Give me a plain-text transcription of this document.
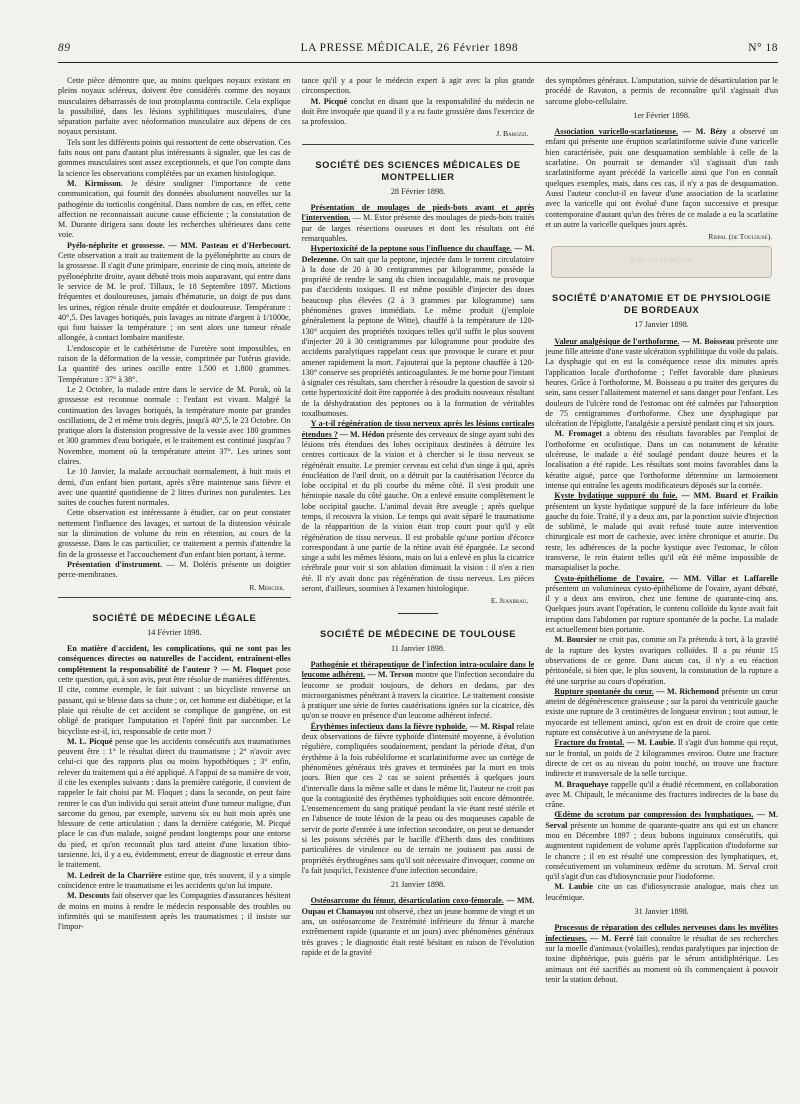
89	LA PRESSE MÉDICALE, 26 Février 1898	N° 18

Cette pièce démontre que, au moins quelques noyaux existant en pleins noyaux scléreux, doivent être considérés comme des noyaux musculaires débarrassés de tout protoplasma contractile. Cela explique la possibilité, dans les lésions syphilitiques musculaires, d'une séparation parfaite avec néoformation musculaire aux dépens de ces noyaux persistant.

Tels sont les différents points qui ressortent de cette observation. Ces faits nous ont paru d'autant plus intéressants à signaler, que les cas de gommes musculaires sont assez exceptionnels, et que l'on compte dans la science les observations complétées par un examen histologique.

M. Kirmisson. Je désire souligner l'importance de cette communication, qui fournit des données absolument nouvelles sur la pathogénie du torticolis congénital. Dans nombre de cas, en effet, cette affection ne reconnaissait aucune cause efficiente ; la constatation de M. Durante dirigera sans doute les recherches ultérieures dans cette voie.

Pyélo-néphrite et grossesse. — MM. Pasteau et d'Herbecourt. Cette observation a trait au traitement de la pyélonéphrite au cours de la grossesse. Il s'agit d'une primipare, enceinte de cinq mois, atteinte de pyélonéphrite droite, ayant débuté trois mois auparavant, qui entre dans le service de M. le prof. Tillaux, le 18 Septembre 1897. Mictions fréquentes et douloureuses, jamais d'hématurie, un doigt de pus dans les urines, région rénale droite empâtée et douloureuse. Température : 40°,5. Des lavages boriqués, puis lavages au nitrate d'argent à 1/1000e, qui font baisser la température ; on sent alors une tumeur rénale allongée, à contact lombaire manifeste.

L'endoscopie et le cathétérisme de l'uretère sont impossibles, en raison de la déformation de la vessie, comprimée par l'utérus gravide. La quantité des urines oscille entre 1.500 et 1.800 grammes. Température : 37° à 38°.

Le 2 Octobre, la malade entre dans le service de M. Porak, où la grossesse est reconnue normale : l'enfant est vivant. Malgré la continuation des lavages boriqués, la température monte par grandes oscillations, de 2 et même trois degrés, jusqu'à 40°,5, le 23 Octobre. On pratique alors la distension progressive de la vessie avec 180 grammes et 300 grammes d'eau boriquée, et le traitement est continué jusqu'au 7 Novembre, moment où la température atteint 37°. Les urines sont claires.

Le 10 Janvier, la malade accouchait normalement, à huit mois et demi, d'un enfant bien portant, après s'être maintenue sans fièvre et avec une quantité quotidienne de 2 litres d'urines non purulentes. Les suites de couches furent normales.

Cette observation est intéressante à étudier, car on peut constater nettement l'influence des lavages, et surtout de la distension vésicale sur la diminution de volume du rein en rétention, au cours de la grossesse. Dans le cas particulier, ce traitement a permis d'attendre la fin de la grossesse et l'accouchement d'un enfant bien portant, à terme.

Présentation d'instrument. — M. Doléris présente un doigtier perce-membranes.

R. Mercier.
SOCIÉTÉ DE MÉDECINE LÉGALE
14 Février 1898.

En matière d'accident, les complications, qui ne sont pas les conséquences directes ou naturelles de l'accident, entraînent-elles complètement la responsabilité de l'auteur ? — M. Floquet pose cette question, qui, à son avis, peut être résolue de manières différentes. Il cite, comme exemple, le fait suivant : un bicycliste renverse un passant, qui se blesse dans sa chute ; or, cet homme est diabétique, et la plaie qui résulte de cet accident se complique de gangrène, on est obligé de pratiquer l'amputation et l'opéré finit par succomber. Le bicycliste est-il, ici, responsable de cette mort ?

M. L. Picqué pense que les accidents consécutifs aux traumatismes peuvent être : 1° le résultat direct du traumatisme ; 2° n'avoir avec celui-ci que des rapports plus ou moins hypothétiques ; 3° enfin, relever du traitement qui a été appliqué. A l'appui de sa manière de voir, il cite les exemples suivants : dans la première catégorie, il convient de rappeler le fait choisi par M. Floquet ; dans la seconde, on peut faire rentrer le cas d'un individu qui serait atteint d'une tumeur maligne, d'un sarcome du genou, par exemple, survenu six ou huit mois après une blessure de cette articulation ; dans la dernière catégorie, M. Picqué place le cas d'un malade, soigné pendant longtemps pour une entorse du pied, et qu'on reconnaît plus tard atteint d'une luxation tibio-tarsienne. Ici, il y a eu, évidemment, erreur de diagnostic et erreur dans le traitement.

M. Ledreit de la Charrière estime que, très souvent, il y a simple coïncidence entre le traumatisme et les accidents qu'on lui impute.

M. Descouts fait observer que les Compagnies d'assurances hésitent de moins en moins à rendre le médecin responsable des troubles ou infirmités qui se manifestent après les traumatismes ; il insiste sur l'impor-

tance qu'il y a pour le médecin expert à agir avec la plus grande circonspection.

M. Picqué conclut en disant que la responsabilité du médecin ne doit être invoquée que quand il y a eu faute grossière dans l'exercice de sa profession.

J. Barozzi.
SOCIÉTÉ DES SCIENCES MÉDICALES DE MONTPELLIER
28 Février 1898.

Présentation de moulages de pieds-bots avant et après l'intervention. — M. Estor présente des moulages de pieds-bots traités par de larges résections osseuses et dont les résultats ont été remarquables.

Hypertoxicité de la peptone sous l'influence du chauffage. — M. Delezenne. On sait que la peptone, injectée dans le torrent circulatoire à la dose de 20 à 30 centigrammes par kilogramme, possède la propriété de rendre le sang du chien incoagulable, mais ne provoque pas d'accidents toxiques. Il est même possible d'injecter des doses beaucoup plus élevées (2 à 3 grammes par kilogramme) sans phénomènes graves immédiats. Le même produit (j'emploie généralement la peptone de Witte), chauffé à la température de 120-130° acquiert des propriétés toxiques telles qu'il suffit le plus souvent d'injecter 20 à 30 centigrammes par kilogramme pour produire des accidents paralytiques rappelant ceux que provoque le curare et pour amener rapidement la mort. J'ajouterai que la peptone chauffée à 120-130° conserve ses propriétés anticoagulantes. Je me borne pour l'instant à signaler ces résultats, sans chercher à résoudre la question de savoir si cette hypertoxicité doit être rapportée à des produits nouveaux résultant de la déshydratation des peptones ou à la formation de véritables toxalbumoses.

Y a-t-il régénération de tissu nerveux après les lésions corticales étendues ? — M. Hédon présente des cerveaux de singe ayant subi des lésions très étendues des lobes occipitaux destinées à détruire les centres corticaux de la vision et à chercher si le tissu nerveux se régénérait ensuite. Le premier cerveau est celui d'un singe à qui, après énucléation de l'œil droit, on a détruit par la cautérisation l'écorce du lobe occipital et du pli courbe du même côté. Il s'est produit une hémiopie nasale du côté gauche. On a enlevé ensuite complètement le lobe occipital gauche. L'animal devait être aveugle ; après quelque temps, il recouvra la vision. Le temps qui avait séparé le traumatisme de la réapparition de la vision était trop court pour qu'il y eût régénération de tissu nerveux. Il est probable qu'une portion d'écorce correspondant à une partie de la rétine avait été épargnée. Le second singe a subi les mêmes lésions, mais on lui a enlevé en plus la cicatrice cérébrale pour voir si son ablation diminuait la vision : il n'en a rien été. Il n'y avait donc pas régénération de tissu nerveux. Les pièces seront, d'ailleurs, soumises à l'examen histologique.

E. Jeanbrau.
SOCIÉTÉ DE MÉDECINE DE TOULOUSE
11 Janvier 1898.

Pathogénie et thérapeutique de l'infection intra-oculaire dans le leucome adhérent. — M. Terson montre que l'infection secondaire du leucome se produit toujours, de dehors en dedans, par des microorganismes pénétrant à travers la cicatrice. Le traitement consiste à pratiquer une série de fortes cautérisations ignées sur la cicatrice, dès qu'on se trouve en présence d'un leucome adhérent infecté.

Érythèmes infectieux dans la fièvre typhoïde. — M. Rispal relate deux observations de fièvre typhoïde d'intensité moyenne, à évolution régulière, compliquées soudainement, pendant la période d'état, d'un érythème à la fois rubéoliforme et scarlatiniforme avec un cortège de phénomènes généraux très graves et terminées par la mort en trois jours. Bien que ces 2 cas se soient présentés à quelques jours d'intervalle dans la même salle et dans le même lit, l'auteur ne croit pas que la contagiosité des érythèmes typhoïdiques soit encore démontrée. L'ensemencement du sang pratiqué pendant la vie étant resté stérile et en l'absence de toute lésion de la peau ou des muqueuses capable de servir de porte d'entrée à une infection secondaire, on peut se demander si les poisons sécrétés par le bacille d'Eberth dans des conditions particulières de virulence ou de terrain ne jouissent pas aussi de propriétés érythrogènes sans qu'il soit nécessaire d'invoquer, comme on l'a fait jusqu'ici, l'existence d'une infection secondaire.

21 Janvier 1898.

Ostéosarcome du fémur, désarticulation coxo-fémorale. — MM. Oupau et Chamayou ont observé, chez un jeune homme de vingt et un ans, un ostéosarcome de l'extrémité inférieure du fémur à marche extrêmement rapide (quarante et un jours) avec phénomènes généraux très graves ; le diagnostic était resté hésitant en raison de l'évolution rapide et de la gravité

des symptômes généraux. L'amputation, suivie de désarticulation par le procédé de Ravaton, a permis de reconnaître qu'il s'agissait d'un sarcome globo-cellulaire.

1er Février 1898.

Association varicello-scarlatineuse. — M. Bézy a observé un enfant qui présente une éruption scarlatiniforme suivie d'une varicelle bien caractérisée, puis une desquamation semblable à celle de la scarlatine. On pourrait se demander s'il s'agissait d'un rash scarlatiniforme ayant précédé la varicelle ainsi que l'on en connaît quelques exemples, mais, dans ces cas, il n'y a pas de desquamation. Aussi l'auteur conclut-il en faveur d'une association de la scarlatine avec la varicelle qui ont évolué d'une façon successive et presque contemporaine d'autant qu'un des frères de ce malade a eu la scarlatine et un autre la varicelle quelques jours après.

Rispal (de Toulouse).
BIBLIOTHÈQUE
SOCIÉTÉ D'ANATOMIE ET DE PHYSIOLOGIE DE BORDEAUX
17 Janvier 1898.

Valeur analgésique de l'orthoforme. — M. Boisseau présente une jeune fille atteinte d'une vaste ulcération syphilitique du voile du palais. La dysphagie qui en est la conséquence cesse dix minutes après l'application locale d'orthoforme ; l'effet favorable dure plusieurs heures. Grâce à l'orthoforme, M. Boisseau a pu traiter des gerçures du sein, sans cesser l'allaitement maternel et sans danger pour l'enfant. Les douleurs de l'ulcère rond de l'estomac ont été calmées par l'absorption de 75 centigrammes d'orthoforme. Chez une dysphagique par ulcération de l'épiglotte, l'analgésie a persisté pendant cinq et six jours.

M. Fromaget a obtenu des résultats favorables par l'emploi de l'orthoforme en oculistique. Dans un cas notamment de kératite ulcéreuse, le malade a été soulagé pendant douze heures et la localisation a été rapide. Les résultats sont moins favorables dans la kératite aiguë, parce que l'orthoforme détermine un larmoiement intense qui entraîne les agents modificateurs déposés sur la cornée.

Kyste hydatique suppuré du foie. — MM. Buard et Fraikin présentent un kyste hydatique suppuré de la face inférieure du lobe gauche du foie. Traité, il y a deux ans, par la ponction suivie d'injection de sublimé, le malade qui avait refusé toute autre intervention chirurgicale est mort de cachexie, avec ictère chronique et anurie. Du reste, les adhérences de la poche kystique avec l'estomac, le côlon transverse, le rein étaient telles qu'il eût été même impossible de marsupialiser la poche.

Cysto-épithéliome de l'ovaire. — MM. Villar et Laffarelle présentent un volumineux cysto-épithéliome de l'ovaire, ayant débuté, il y a deux ans environ, chez une femme de quarante-cinq ans. Quelques jours avant l'opération, le contenu colloïde du kyste avait fait irruption dans l'abdomen par rupture spontanée de la poche. La malade est actuellement bien portante.

M. Boursier ne croit pas, comme on l'a prétendu à tort, à la gravité de la rupture des kystes ovariques colloïdes. Il a pu réunir 15 observations de ce genre. Dans aucun cas, il n'y a eu réaction péritonéale, si bien que, le plus souvent, la constatation de la rupture a été une surprise au cours d'opération.

Rupture spontanée du cœur. — M. Richemond présente un cœur atteint de dégénérescence graisseuse ; sur la paroi du ventricule gauche existe une rupture de 3 centimètres de longueur environ ; tout autour, le myocarde est tellement aminci, qu'on est en droit de croire que cette rupture est consécutive à un anévrysme de la paroi.

Fracture du frontal. — M. Laubie. Il s'agit d'un homme qui reçut, sur le frontal, un poids de 2 kilogrammes environ. Outre une fracture directe de cet os au niveau du point touché, on trouve une fracture indirecte et transversale de la selle turcique.

M. Braquehaye rappelle qu'il a étudié récemment, en collaboration avec M. Chipault, le mécanisme des fractures indirectes de la base du crâne.

Œdème du scrotum par compression des lymphatiques. — M. Serval présente un homme de quarante-quatre ans qui est un chancre mou en Décembre 1897 ; deux bubons inguinaux consécutifs, qui augmentent rapidement de volume après l'application d'iodoforme sur le chancre ; il en est résulté une compression des lymphatiques, et, consécutivement un volumineux œdème du scrotum. M. Serval croit qu'il s'agit d'un cas d'idiosyncrasie pour l'iodoforme.

M. Laubie cite un cas d'idiosyncrasie analogue, mais chez un leucémique.

31 Janvier 1898.

Processus de réparation des cellules nerveuses dans les myélites infectieuses. — M. Ferré fait connaître le résultat de ses recherches sur la moelle d'animaux (volailles), rendus paralytiques par injection de toxine diphtérique, puis guéris par le sérum antidiphtérique. Les animaux ont été sacrifiés au moment où ils commençaient à pouvoir tenir la station debout.
